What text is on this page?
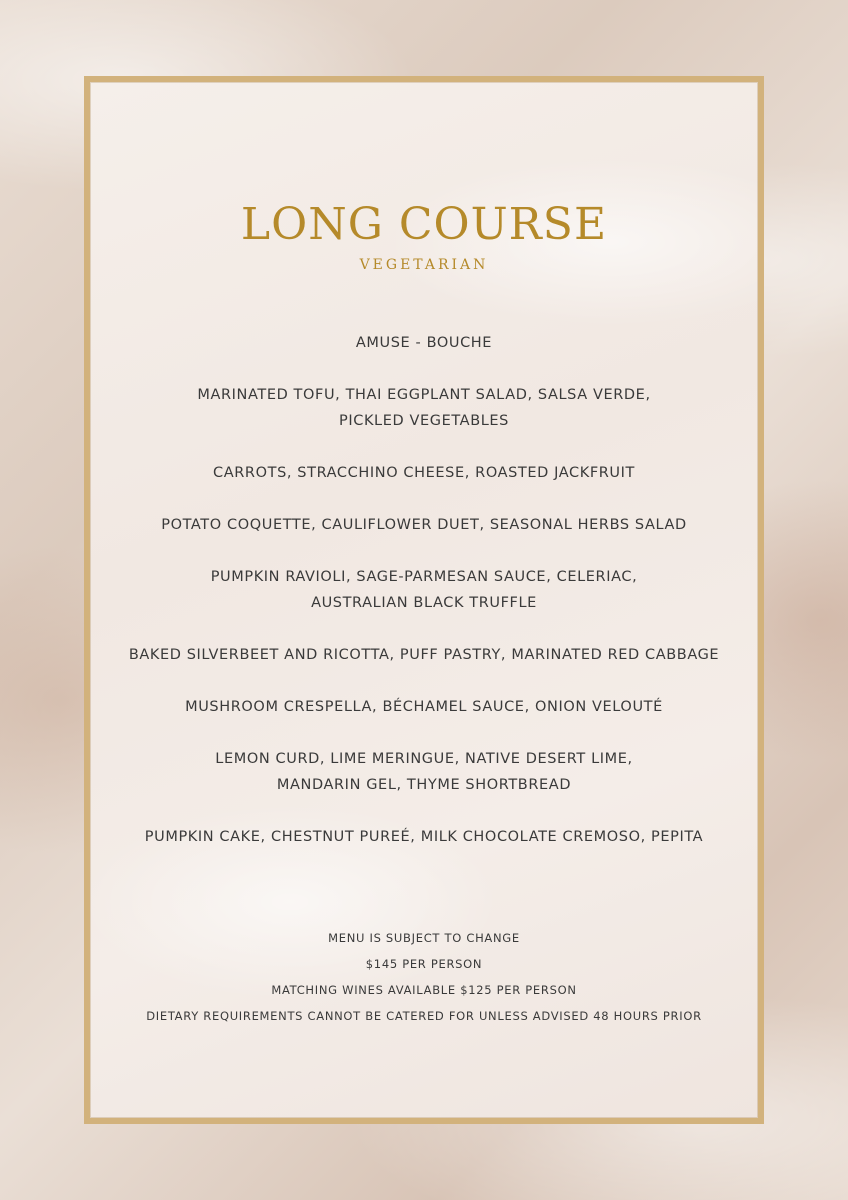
LONG COURSE
VEGETARIAN
AMUSE - BOUCHE
MARINATED TOFU, THAI EGGPLANT SALAD, SALSA VERDE,
PICKLED VEGETABLES
CARROTS, STRACCHINO CHEESE, ROASTED JACKFRUIT
POTATO COQUETTE, CAULIFLOWER DUET, SEASONAL HERBS SALAD
PUMPKIN RAVIOLI, SAGE-PARMESAN SAUCE, CELERIAC,
AUSTRALIAN BLACK TRUFFLE
BAKED SILVERBEET AND RICOTTA, PUFF PASTRY, MARINATED RED CABBAGE
MUSHROOM CRESPELLA, BÉCHAMEL SAUCE, ONION VELOUTÉ
LEMON CURD, LIME MERINGUE, NATIVE DESERT LIME,
MANDARIN GEL, THYME SHORTBREAD
PUMPKIN CAKE, CHESTNUT PUREÉ, MILK CHOCOLATE CREMOSO, PEPITA
MENU IS SUBJECT TO CHANGE
$145 PER PERSON
MATCHING WINES AVAILABLE $125 PER PERSON
DIETARY REQUIREMENTS CANNOT BE CATERED FOR UNLESS ADVISED 48 HOURS PRIOR
